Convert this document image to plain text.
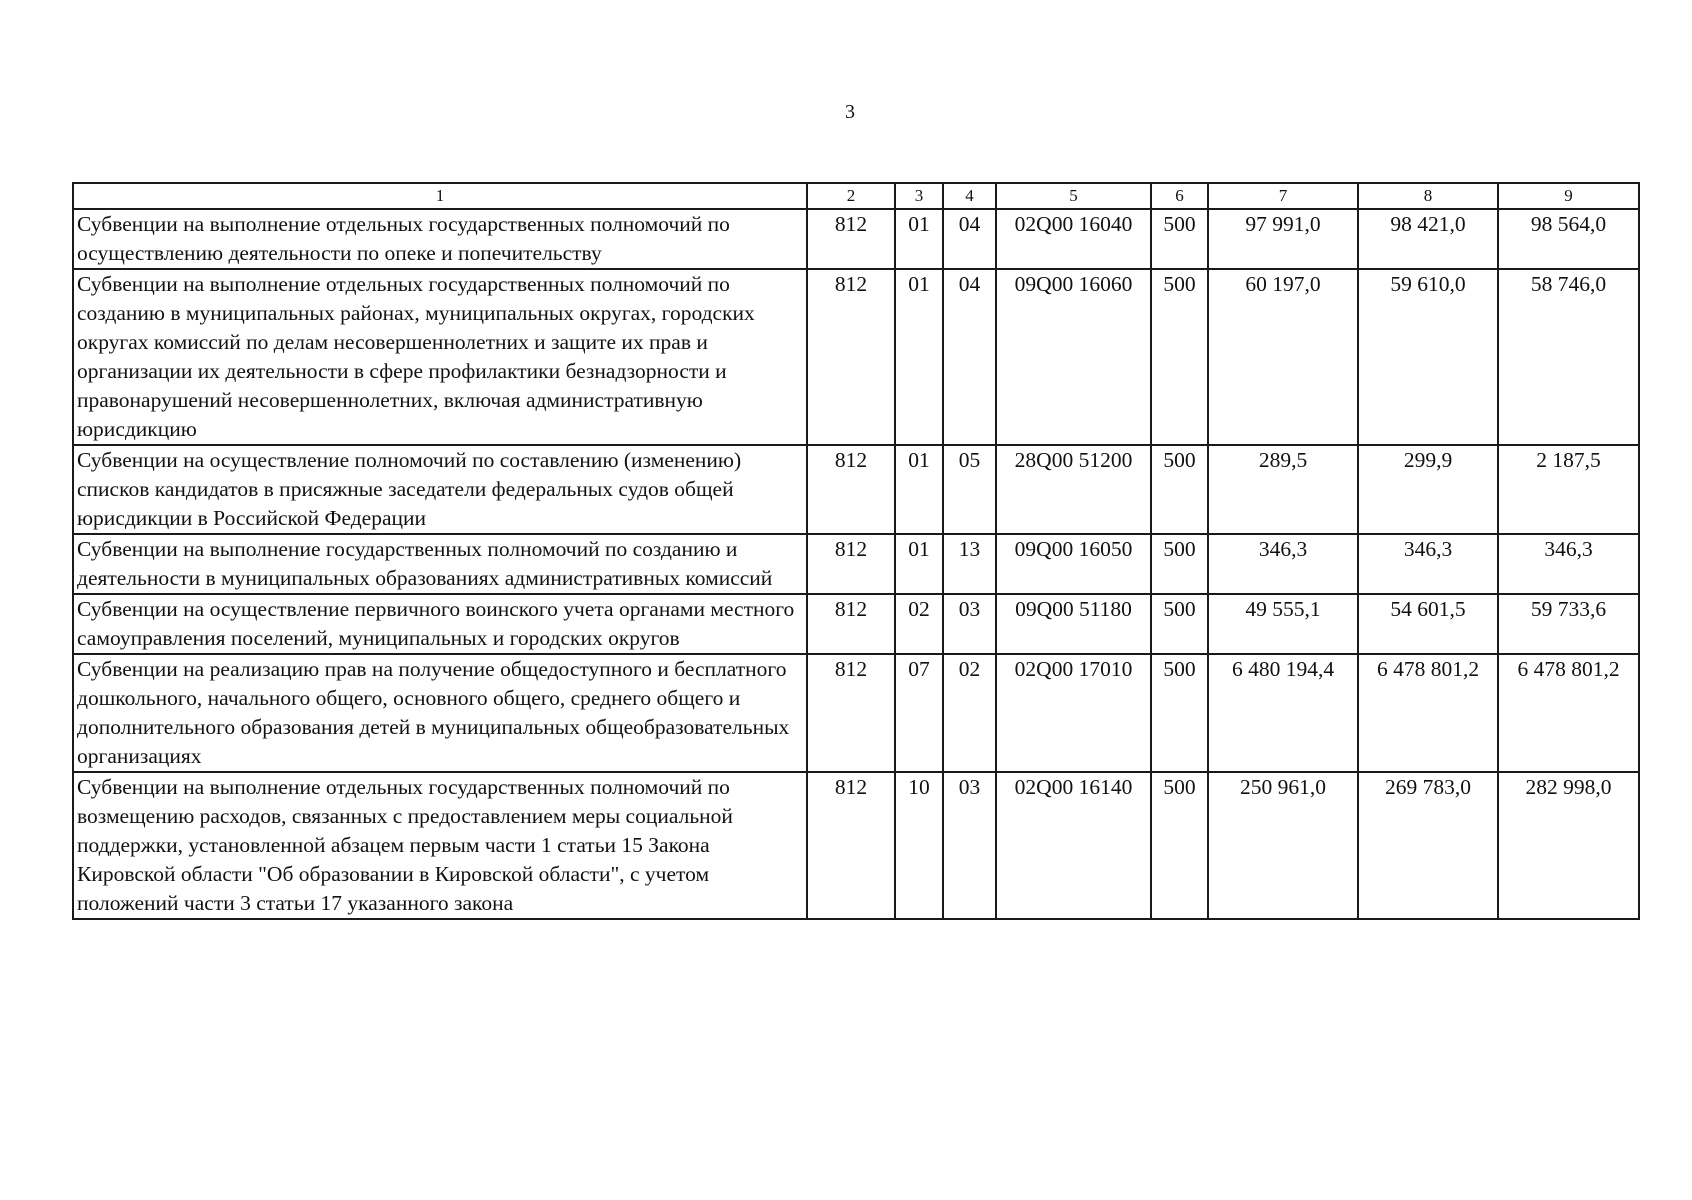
3
1	2	3	4	5	6	7	8	9
Субвенции на выполнение отдельных государственных полномочий по осуществлению деятельности по опеке и попечительству	812	01	04	02Q00 16040	500	97 991,0	98 421,0	98 564,0
Субвенции на выполнение отдельных государственных полномочий по созданию в муниципальных районах, муниципальных округах, городских округах комиссий по делам несовершеннолетних и защите их прав и организации их деятельности в сфере профилактики безнадзорности и правонарушений несовершеннолетних, включая административную юрисдикцию	812	01	04	09Q00 16060	500	60 197,0	59 610,0	58 746,0
Субвенции на осуществление полномочий по составлению (изменению) списков кандидатов в присяжные заседатели федеральных судов общей юрисдикции в Российской Федерации	812	01	05	28Q00 51200	500	289,5	299,9	2 187,5
Субвенции на выполнение государственных полномочий по созданию и деятельности в муниципальных образованиях административных комиссий	812	01	13	09Q00 16050	500	346,3	346,3	346,3
Субвенции на осуществление первичного воинского учета органами местного самоуправления поселений, муниципальных и городских округов	812	02	03	09Q00 51180	500	49 555,1	54 601,5	59 733,6
Субвенции на реализацию прав на получение общедоступного и бесплатного дошкольного, начального общего, основного общего, среднего общего и дополнительного образования детей в муниципальных общеобразовательных организациях	812	07	02	02Q00 17010	500	6 480 194,4	6 478 801,2	6 478 801,2
Субвенции на выполнение отдельных государственных полномочий по возмещению расходов, связанных с предоставлением меры социальной поддержки, установленной абзацем первым части 1 статьи 15 Закона Кировской области "Об образовании в Кировской области", с учетом положений части 3 статьи 17 указанного закона	812	10	03	02Q00 16140	500	250 961,0	269 783,0	282 998,0
